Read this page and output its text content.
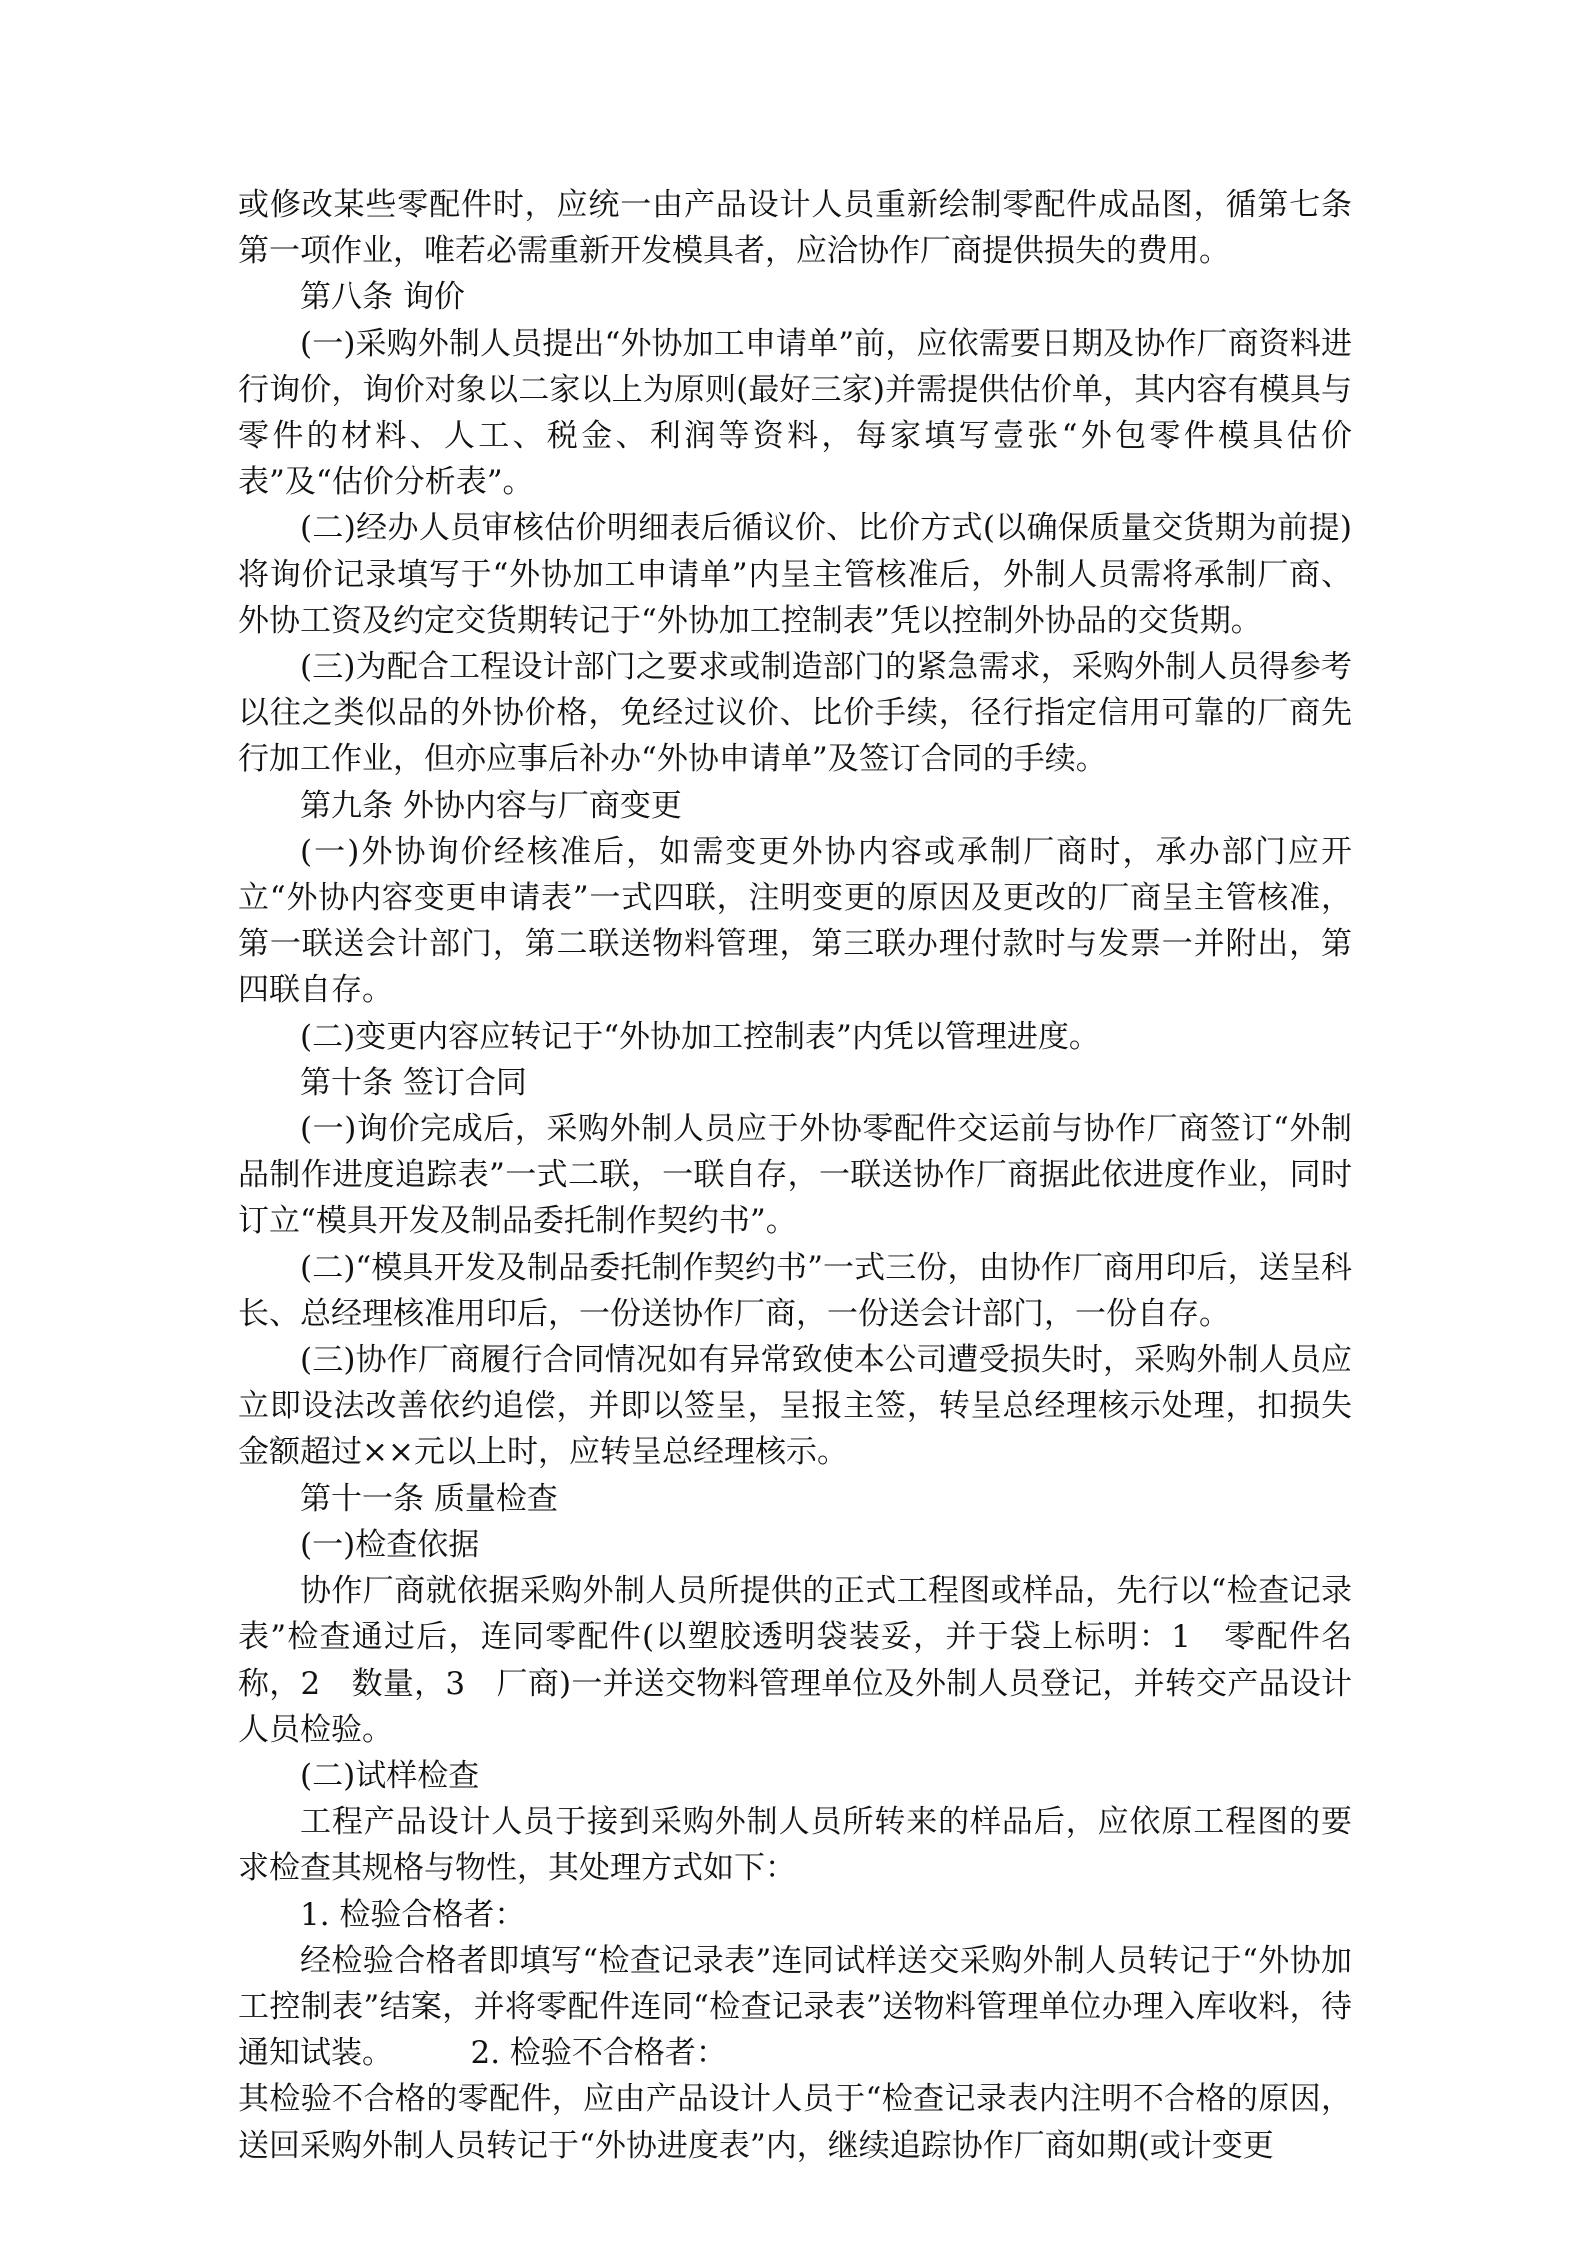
或修改某些零配件时，应统一由产品设计人员重新绘制零配件成品图，循第七条第一项作业，唯若必需重新开发模具者，应洽协作厂商提供损失的费用。

第八条 询价

(一)采购外制人员提出“外协加工申请单”前，应依需要日期及协作厂商资料进行询价，询价对象以二家以上为原则(最好三家)并需提供估价单，其内容有模具与零件的材料、人工、税金、利润等资料，每家填写壹张“外包零件模具估价表”及“估价分析表”。

(二)经办人员审核估价明细表后循议价、比价方式(以确保质量交货期为前提)将询价记录填写于“外协加工申请单”内呈主管核准后，外制人员需将承制厂商、外协工资及约定交货期转记于“外协加工控制表”凭以控制外协品的交货期。

(三)为配合工程设计部门之要求或制造部门的紧急需求，采购外制人员得参考以往之类似品的外协价格，免经过议价、比价手续，径行指定信用可靠的厂商先行加工作业，但亦应事后补办“外协申请单”及签订合同的手续。

第九条 外协内容与厂商变更

(一)外协询价经核准后，如需变更外协内容或承制厂商时，承办部门应开立“外协内容变更申请表”一式四联，注明变更的原因及更改的厂商呈主管核准，第一联送会计部门，第二联送物料管理，第三联办理付款时与发票一并附出，第四联自存。

(二)变更内容应转记于“外协加工控制表”内凭以管理进度。

第十条 签订合同

(一)询价完成后，采购外制人员应于外协零配件交运前与协作厂商签订“外制品制作进度追踪表”一式二联，一联自存，一联送协作厂商据此依进度作业，同时订立“模具开发及制品委托制作契约书”。

(二)“模具开发及制品委托制作契约书”一式三份，由协作厂商用印后，送呈科长、总经理核准用印后，一份送协作厂商，一份送会计部门，一份自存。

(三)协作厂商履行合同情况如有异常致使本公司遭受损失时，采购外制人员应立即设法改善依约追偿，并即以签呈，呈报主签，转呈总经理核示处理，扣损失金额超过××元以上时，应转呈总经理核示。

第十一条 质量检查

(一)检查依据

协作厂商就依据采购外制人员所提供的正式工程图或样品，先行以“检查记录表”检查通过后，连同零配件(以塑胶透明袋装妥，并于袋上标明：1　零配件名称，2　数量，3　厂商)一并送交物料管理单位及外制人员登记，并转交产品设计人员检验。

(二)试样检查

工程产品设计人员于接到采购外制人员所转来的样品后，应依原工程图的要求检查其规格与物性，其处理方式如下：

1. 检验合格者：

经检验合格者即填写“检查记录表”连同试样送交采购外制人员转记于“外协加工控制表”结案，并将零配件连同“检查记录表”送物料管理单位办理入库收料，待通知试装。　　　2. 检验不合格者：

其检验不合格的零配件，应由产品设计人员于“检查记录表内注明不合格的原因，送回采购外制人员转记于“外协进度表”内，继续追踪协作厂商如期(或计变更
